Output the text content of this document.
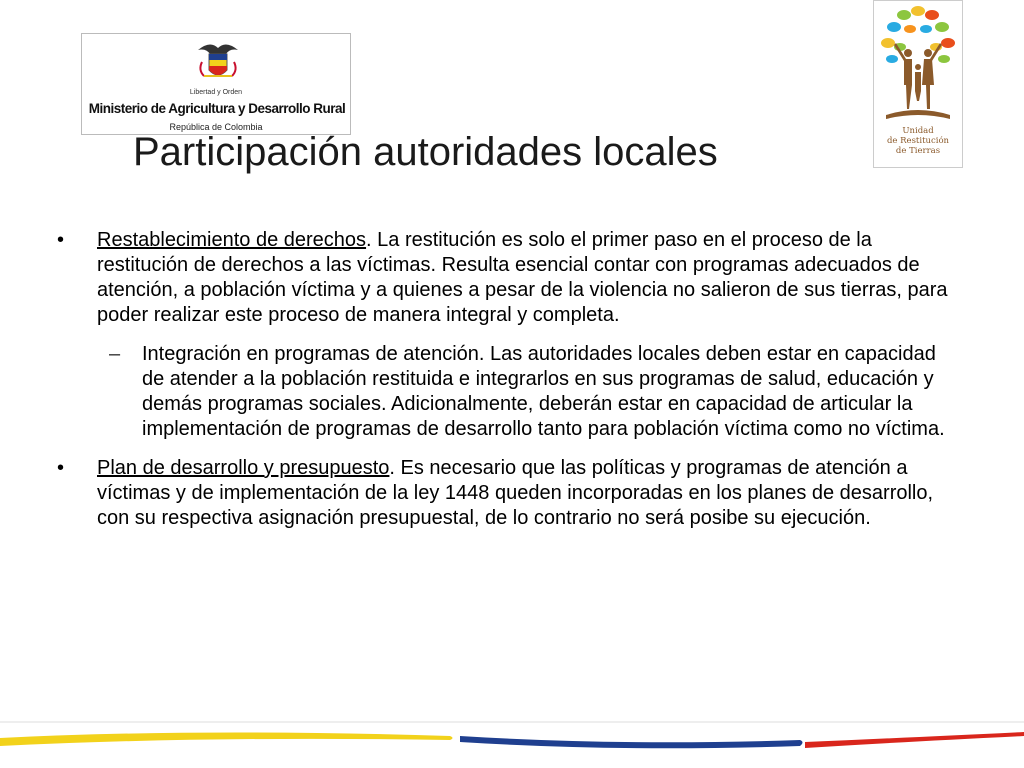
Libertad y Orden
Ministerio de Agricultura y Desarrollo Rural
República de Colombia	Unidad
de Restitución
de Tierras
Participación autoridades locales
• Restablecimiento de derechos. La restitución es solo el primer paso en el proceso de la restitución de derechos a las víctimas. Resulta esencial contar con programas adecuados de atención, a población víctima y a quienes a pesar de la violencia no salieron de sus tierras, para poder realizar este proceso de manera integral y completa.
– Integración en programas de atención. Las autoridades locales deben estar en capacidad de atender a la población restituida e integrarlos en sus programas de salud, educación y demás programas sociales. Adicionalmente, deberán estar en capacidad de articular la implementación de programas de desarrollo tanto para población víctima como no víctima.
• Plan de desarrollo y presupuesto. Es necesario que las políticas y programas de atención a víctimas y de implementación de la ley 1448 queden incorporadas en los planes de desarrollo, con su respectiva asignación presupuestal, de lo contrario no será posibe su ejecución.
